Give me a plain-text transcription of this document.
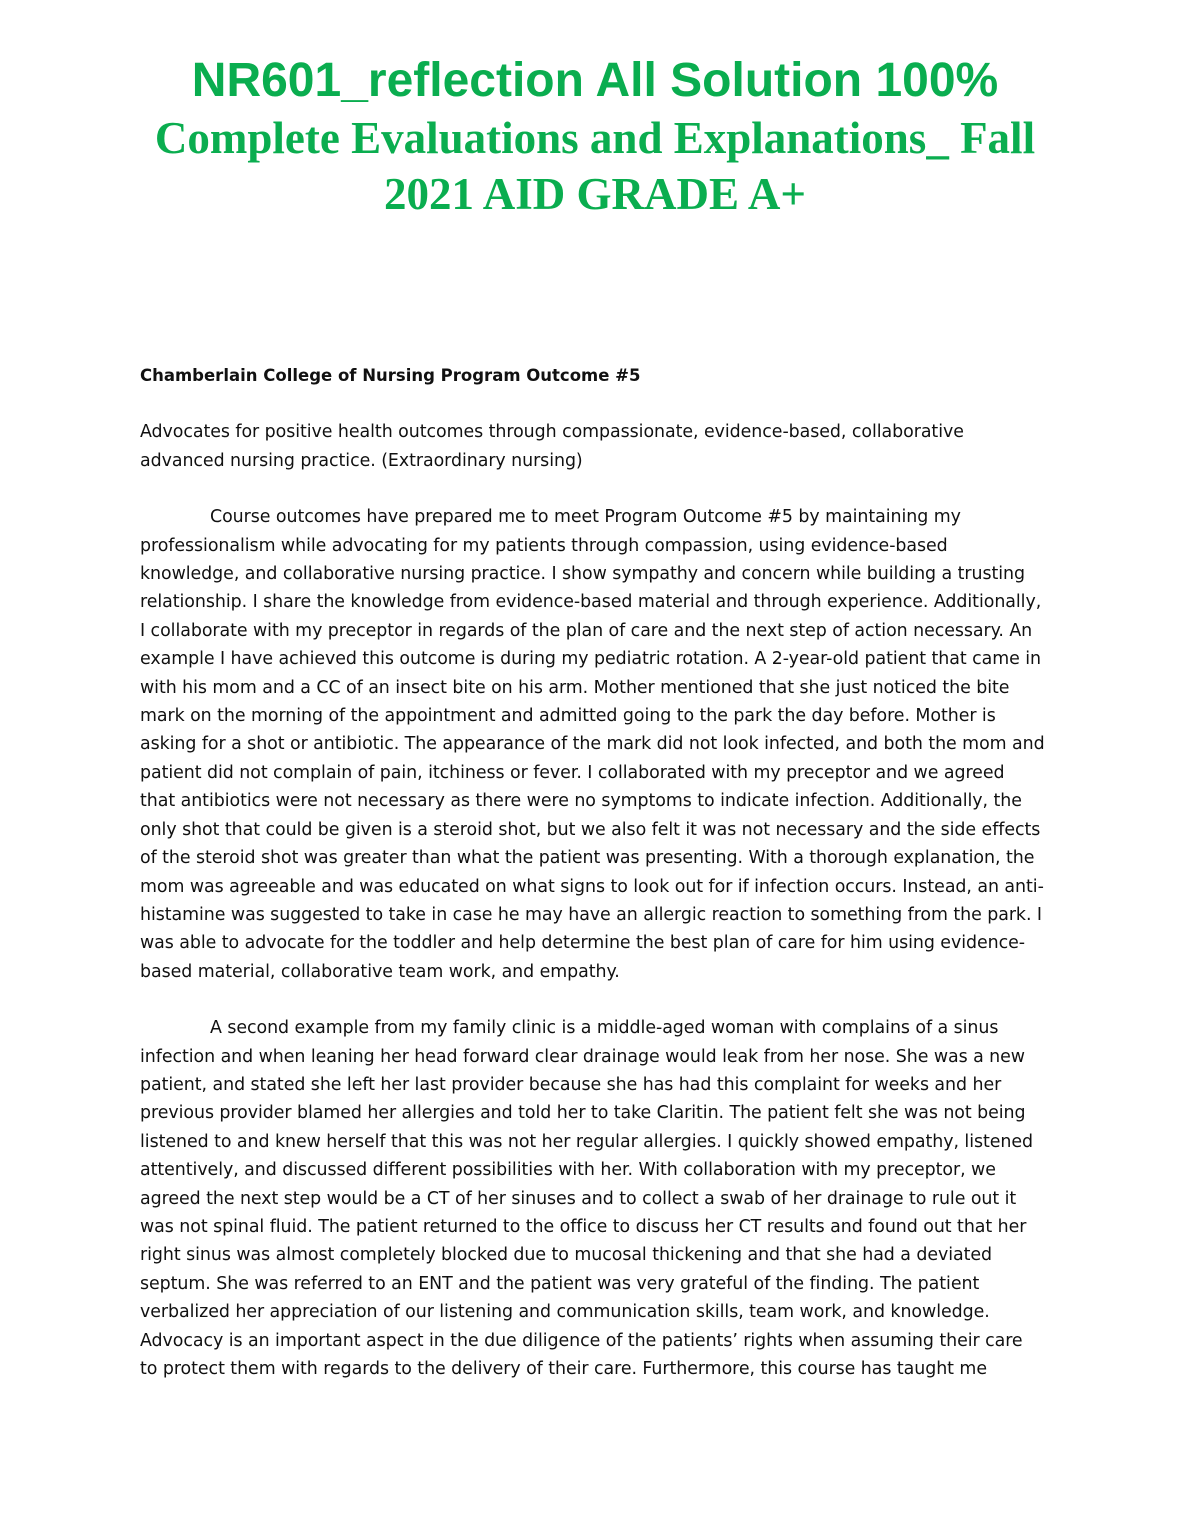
NR601_reflection All Solution 100%

Complete Evaluations and Explanations_ Fall

2021 AID GRADE A+

Chamberlain College of Nursing Program Outcome #5

Advocates for positive health outcomes through compassionate, evidence-based, collaborative advanced nursing practice. (Extraordinary nursing)

Course outcomes have prepared me to meet Program Outcome #5 by maintaining my professionalism while advocating for my patients through compassion, using evidence-based knowledge, and collaborative nursing practice. I show sympathy and concern while building a trusting relationship. I share the knowledge from evidence-based material and through experience. Additionally, I collaborate with my preceptor in regards of the plan of care and the next step of action necessary. An example I have achieved this outcome is during my pediatric rotation. A 2-year-old patient that came in with his mom and a CC of an insect bite on his arm. Mother mentioned that she just noticed the bite mark on the morning of the appointment and admitted going to the park the day before. Mother is asking for a shot or antibiotic. The appearance of the mark did not look infected, and both the mom and patient did not complain of pain, itchiness or fever. I collaborated with my preceptor and we agreed that antibiotics were not necessary as there were no symptoms to indicate infection. Additionally, the only shot that could be given is a steroid shot, but we also felt it was not necessary and the side effects of the steroid shot was greater than what the patient was presenting. With a thorough explanation, the mom was agreeable and was educated on what signs to look out for if infection occurs. Instead, an anti-histamine was suggested to take in case he may have an allergic reaction to something from the park. I was able to advocate for the toddler and help determine the best plan of care for him using evidence-based material, collaborative team work, and empathy.

A second example from my family clinic is a middle-aged woman with complains of a sinus infection and when leaning her head forward clear drainage would leak from her nose. She was a new patient, and stated she left her last provider because she has had this complaint for weeks and her previous provider blamed her allergies and told her to take Claritin. The patient felt she was not being listened to and knew herself that this was not her regular allergies. I quickly showed empathy, listened attentively, and discussed different possibilities with her. With collaboration with my preceptor, we agreed the next step would be a CT of her sinuses and to collect a swab of her drainage to rule out it was not spinal fluid. The patient returned to the office to discuss her CT results and found out that her right sinus was almost completely blocked due to mucosal thickening and that she had a deviated septum. She was referred to an ENT and the patient was very grateful of the finding. The patient verbalized her appreciation of our listening and communication skills, team work, and knowledge. Advocacy is an important aspect in the due diligence of the patients’ rights when assuming their care to protect them with regards to the delivery of their care. Furthermore, this course has taught me
